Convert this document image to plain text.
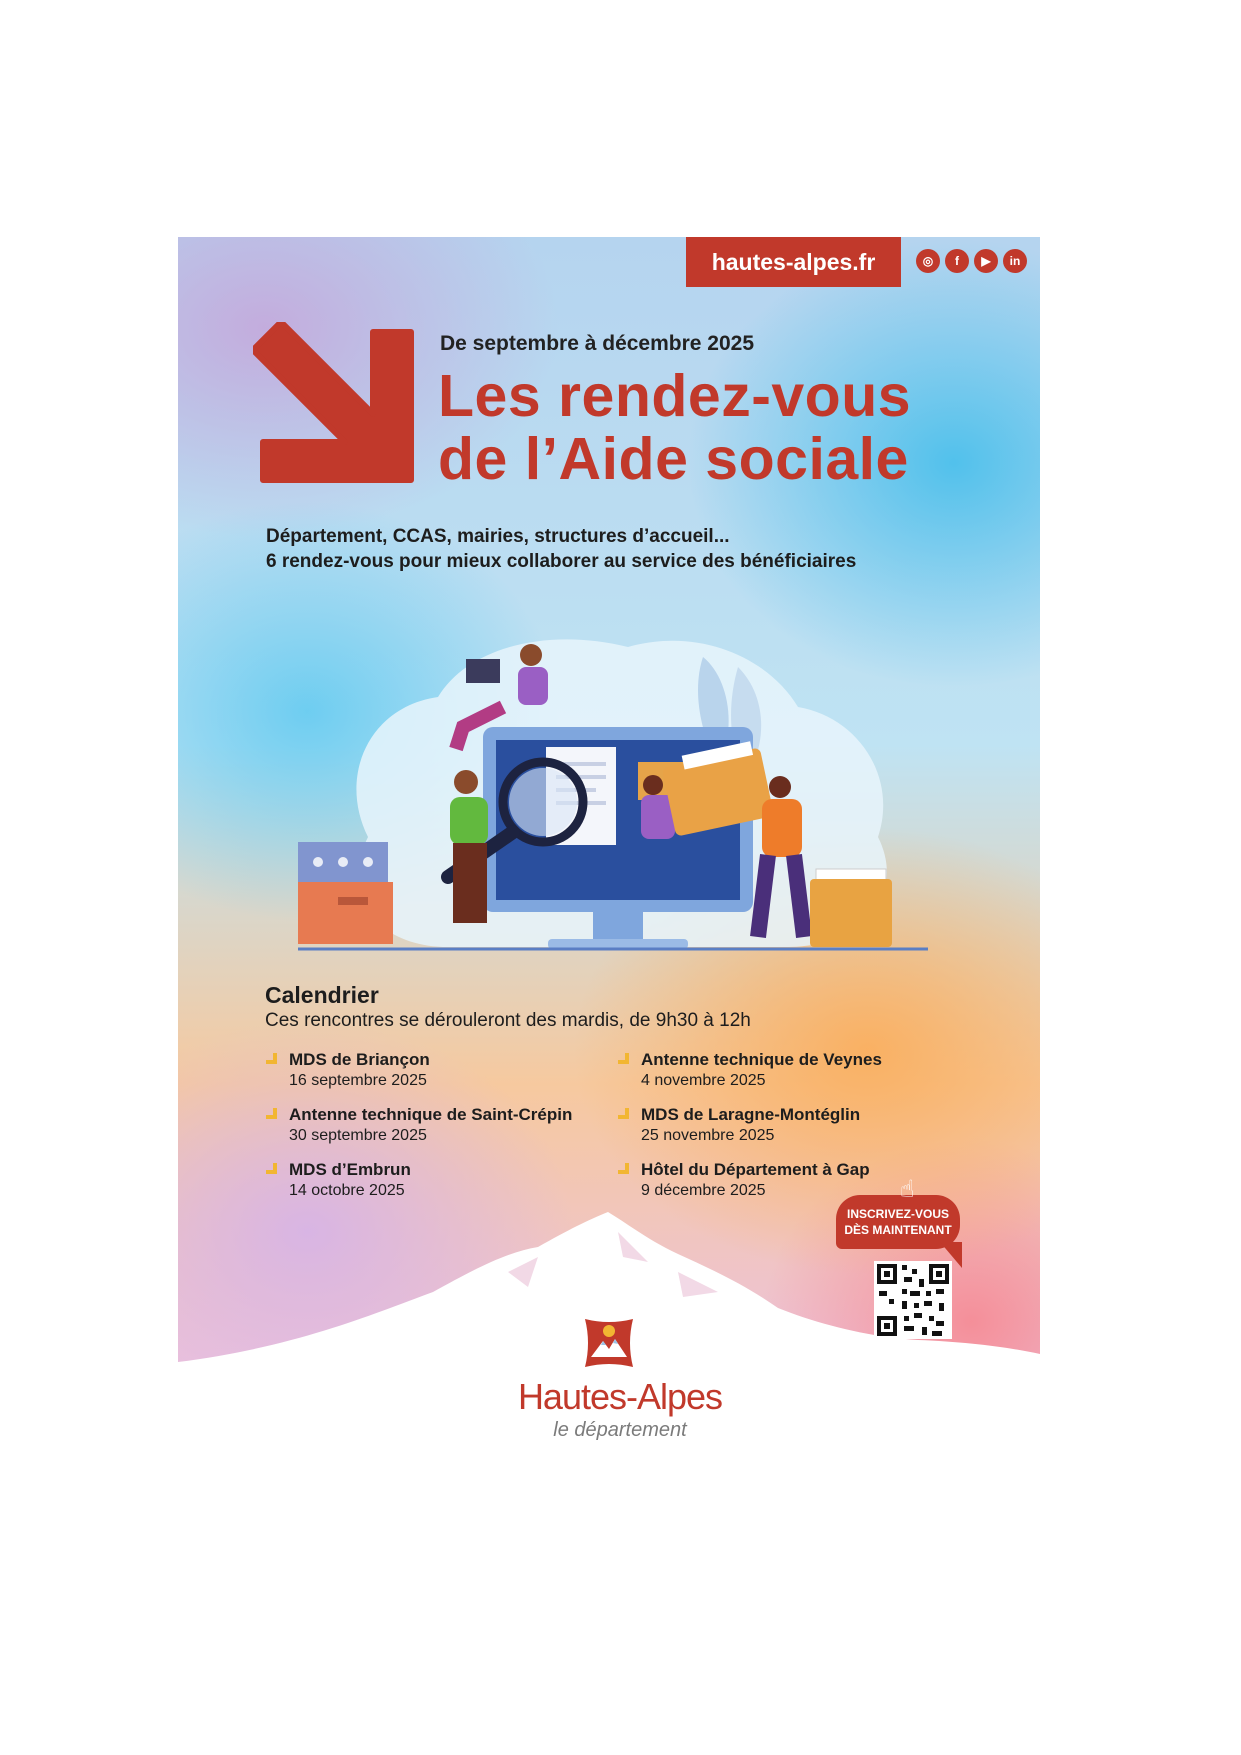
hautes-alpes.fr	◎	f	▶	in
De septembre à décembre 2025
Les rendez-vous
de l’Aide sociale
Département, CCAS, mairies, structures d’accueil...
6 rendez-vous pour mieux collaborer au service des bénéficiaires
Calendrier
Ces rencontres se dérouleront des mardis, de 9h30 à 12h
MDS de Briançon
16 septembre 2025
Antenne technique de Saint-Crépin
30 septembre 2025
MDS d’Embrun
14 octobre 2025
Antenne technique de Veynes
4 novembre 2025
MDS de Laragne-Montéglin
25 novembre 2025
Hôtel du Département à Gap
9 décembre 2025
INSCRIVEZ-VOUS
DÈS MAINTENANT
☝
Hautes-Alpes
le département
